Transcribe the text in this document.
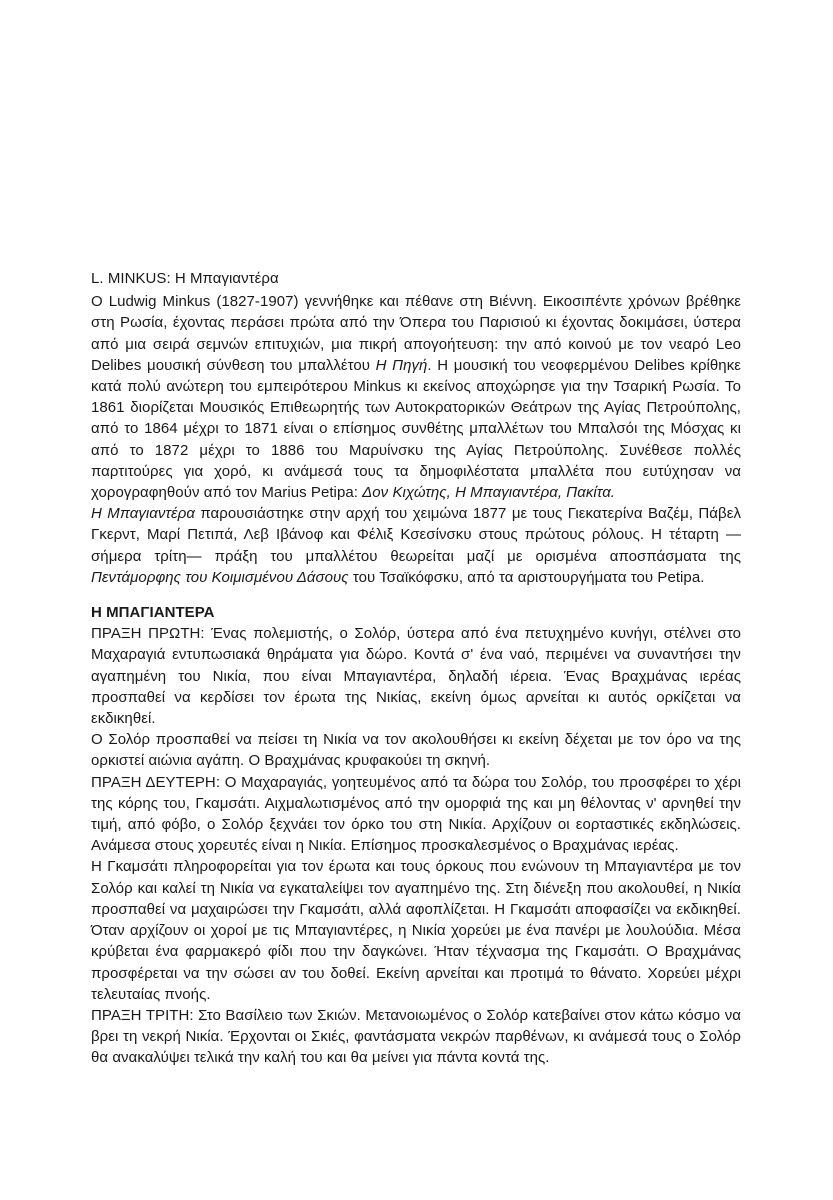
L. MINKUS: Η Μπαγιαντέρα

Ο Ludwig Minkus (1827-1907) γεννήθηκε και πέθανε στη Βιέννη. Εικοσιπέντε χρόνων βρέθηκε στη Ρωσία, έχοντας περάσει πρώτα από την Όπερα του Παρισιού κι έχοντας δοκιμάσει, ύστερα από μια σειρά σεμνών επιτυχιών, μια πικρή απογοήτευση: την από κοινού με τον νεαρό Leo Delibes μουσική σύνθεση του μπαλλέτου Η Πηγή. Η μουσική του νεοφερμένου Delibes κρίθηκε κατά πολύ ανώτερη του εμπειρότερου Minkus κι εκείνος αποχώρησε για την Τσαρική Ρωσία. Το 1861 διορίζεται Μουσικός Επιθεωρητής των Αυτοκρατορικών Θεάτρων της Αγίας Πετρούπολης, από το 1864 μέχρι το 1871 είναι ο επίσημος συνθέτης μπαλλέτων του Μπαλσόι της Μόσχας κι από το 1872 μέχρι το 1886 του Μαρυίνσκυ της Αγίας Πετρούπολης. Συνέθεσε πολλές παρτιτούρες για χορό, κι ανάμεσά τους τα δημοφιλέστατα μπαλλέτα που ευτύχησαν να χορογραφηθούν από τον Marius Petipa: Δον Κιχώτης, Η Μπαγιαντέρα, Πακίτα.

Η Μπαγιαντέρα παρουσιάστηκε στην αρχή του χειμώνα 1877 με τους Γιεκατερίνα Βαζέμ, Πάβελ Γκερντ, Μαρί Πετιπά, Λεβ Ιβάνοφ και Φέλιξ Κσεσίνσκυ στους πρώτους ρόλους. Η τέταρτη —σήμερα τρίτη— πράξη του μπαλλέτου θεωρείται μαζί με ορισμένα αποσπάσματα της Πεντάμορφης του Κοιμισμένου Δάσους του Τσαϊκόφσκυ, από τα αριστουργήματα του Petipa.

Η ΜΠΑΓΙΑΝΤΕΡΑ

ΠΡΑΞΗ ΠΡΩΤΗ: Ένας πολεμιστής, ο Σολόρ, ύστερα από ένα πετυχημένο κυνήγι, στέλνει στο Μαχαραγιά εντυπωσιακά θηράματα για δώρο. Κοντά σ' ένα ναό, περιμένει να συναντήσει την αγαπημένη του Νικία, που είναι Μπαγιαντέρα, δηλαδή ιέρεια. Ένας Βραχμάνας ιερέας προσπαθεί να κερδίσει τον έρωτα της Νικίας, εκείνη όμως αρνείται κι αυτός ορκίζεται να εκδικηθεί.

Ο Σολόρ προσπαθεί να πείσει τη Νικία να τον ακολουθήσει κι εκείνη δέχεται με τον όρο να της ορκιστεί αιώνια αγάπη. Ο Βραχμάνας κρυφακούει τη σκηνή.

ΠΡΑΞΗ ΔΕΥΤΕΡΗ: Ο Μαχαραγιάς, γοητευμένος από τα δώρα του Σολόρ, του προσφέρει το χέρι της κόρης του, Γκαμσάτι. Αιχμαλωτισμένος από την ομορφιά της και μη θέλοντας ν' αρνηθεί την τιμή, από φόβο, ο Σολόρ ξεχνάει τον όρκο του στη Νικία. Αρχίζουν οι εορταστικές εκδηλώσεις. Ανάμεσα στους χορευτές είναι η Νικία. Επίσημος προσκαλεσμένος ο Βραχμάνας ιερέας.

Η Γκαμσάτι πληροφορείται για τον έρωτα και τους όρκους που ενώνουν τη Μπαγιαντέρα με τον Σολόρ και καλεί τη Νικία να εγκαταλείψει τον αγαπημένο της. Στη διένεξη που ακολουθεί, η Νικία προσπαθεί να μαχαιρώσει την Γκαμσάτι, αλλά αφοπλίζεται. Η Γκαμσάτι αποφασίζει να εκδικηθεί. Όταν αρχίζουν οι χοροί με τις Μπαγιαντέρες, η Νικία χορεύει με ένα πανέρι με λουλούδια. Μέσα κρύβεται ένα φαρμακερό φίδι που την δαγκώνει. Ήταν τέχνασμα της Γκαμσάτι. Ο Βραχμάνας προσφέρεται να την σώσει αν του δοθεί. Εκείνη αρνείται και προτιμά το θάνατο. Χορεύει μέχρι τελευταίας πνοής.

ΠΡΑΞΗ ΤΡΙΤΗ: Στο Βασίλειο των Σκιών. Μετανοιωμένος ο Σολόρ κατεβαίνει στον κάτω κόσμο να βρει τη νεκρή Νικία. Έρχονται οι Σκιές, φαντάσματα νεκρών παρθένων, κι ανάμεσά τους ο Σολόρ θα ανακαλύψει τελικά την καλή του και θα μείνει για πάντα κοντά της.
